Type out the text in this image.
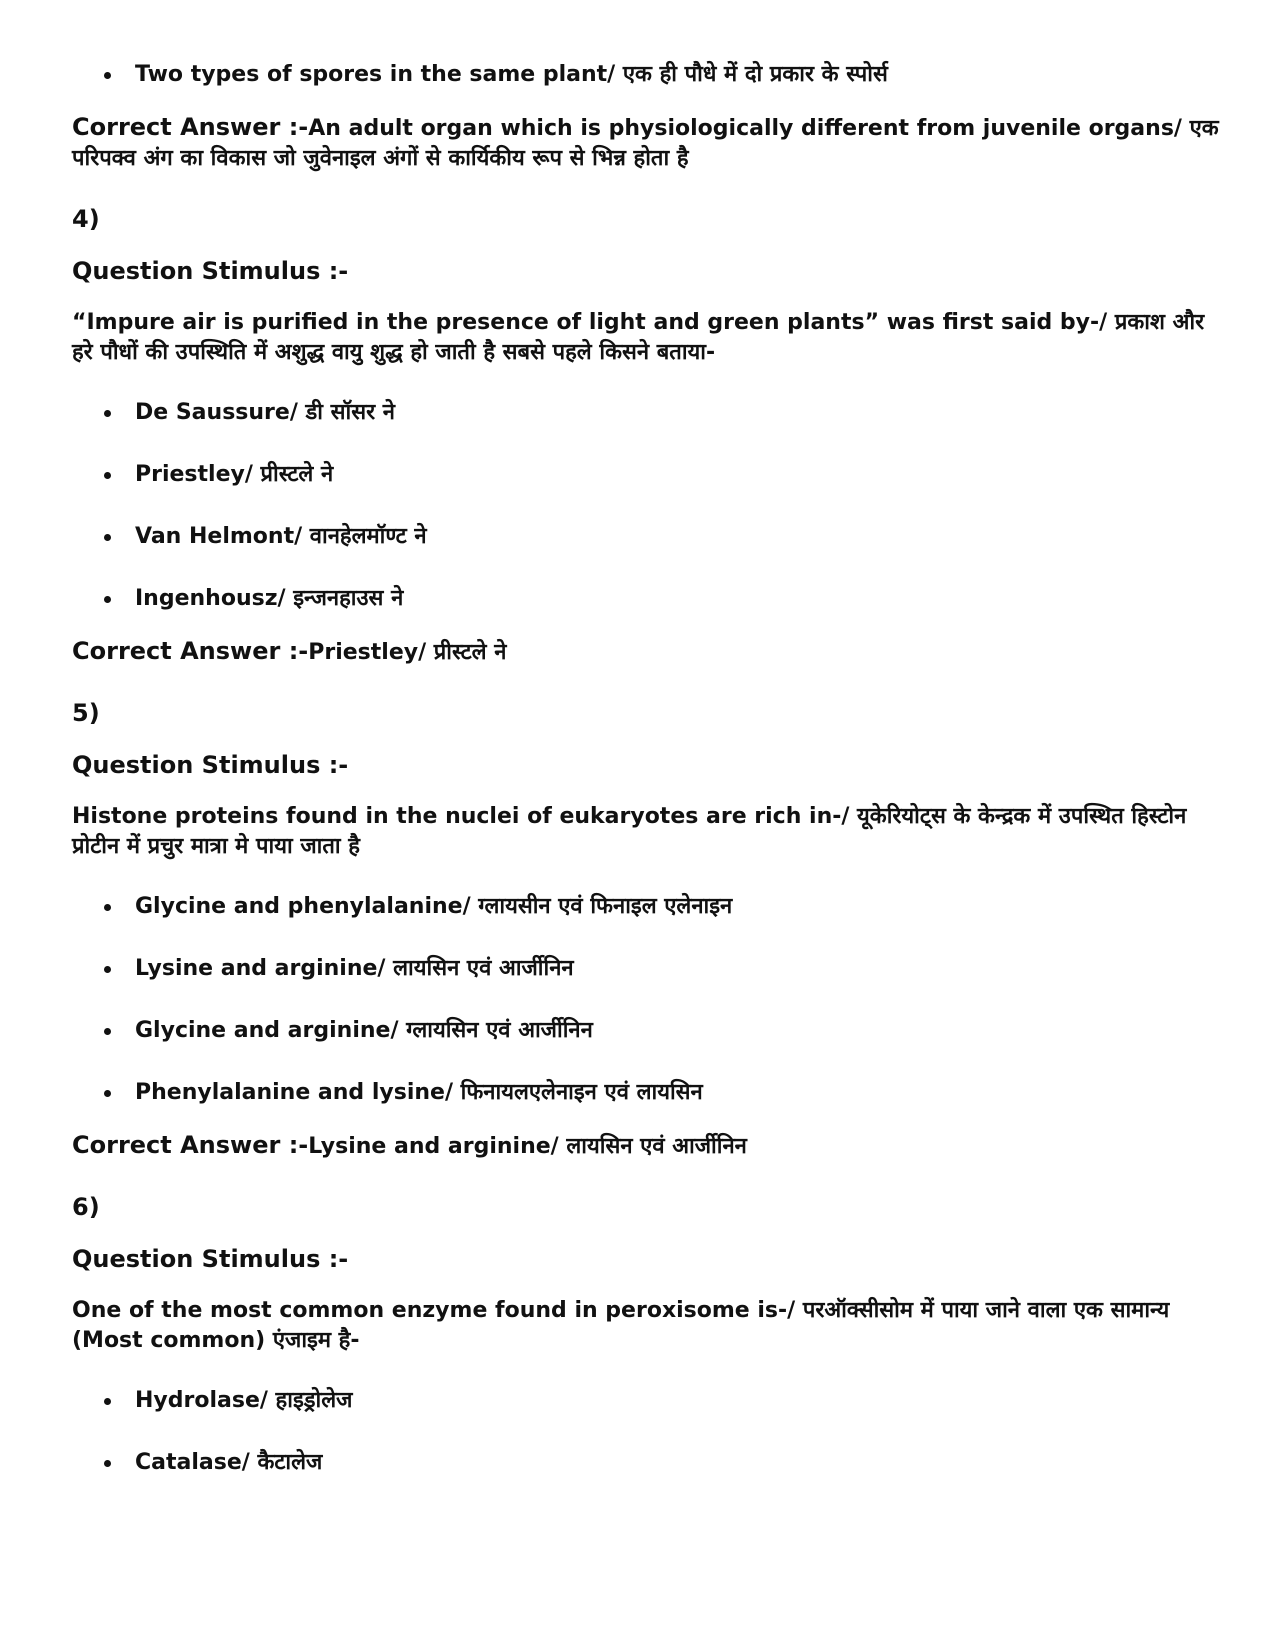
Two types of spores in the same plant/ एक ही पौधे में दो प्रकार के स्पोर्स

Correct Answer :-An adult organ which is physiologically different from juvenile organs/ एक परिपक्व अंग का विकास जो जुवेनाइल अंगों से कार्यिकीय रूप से भिन्न होता है

4)

Question Stimulus :-

“Impure air is purified in the presence of light and green plants” was first said by-/ प्रकाश और हरे पौधों की उपस्थिति में अशुद्ध वायु शुद्ध हो जाती है सबसे पहले किसने बताया-

De Saussure/ डी सॉसर ने
Priestley/ प्रीस्टले ने
Van Helmont/ वानहेलमॉण्ट ने
Ingenhousz/ इन्जनहाउस ने

Correct Answer :-Priestley/ प्रीस्टले ने

5)

Question Stimulus :-

Histone proteins found in the nuclei of eukaryotes are rich in-/ यूकेरियोट्स के केन्द्रक में उपस्थित हिस्टोन प्रोटीन में प्रचुर मात्रा मे पाया जाता है

Glycine and phenylalanine/ ग्लायसीन एवं फिनाइल एलेनाइन
Lysine and arginine/ लायसिन एवं आर्जीनिन
Glycine and arginine/ ग्लायसिन एवं आर्जीनिन
Phenylalanine and lysine/ फिनायलएलेनाइन एवं लायसिन

Correct Answer :-Lysine and arginine/ लायसिन एवं आर्जीनिन

6)

Question Stimulus :-

One of the most common enzyme found in peroxisome is-/ परऑक्सीसोम में पाया जाने वाला एक सामान्य (Most common) एंजाइम है-

Hydrolase/ हाइड्रोलेज
Catalase/ कैटालेज
